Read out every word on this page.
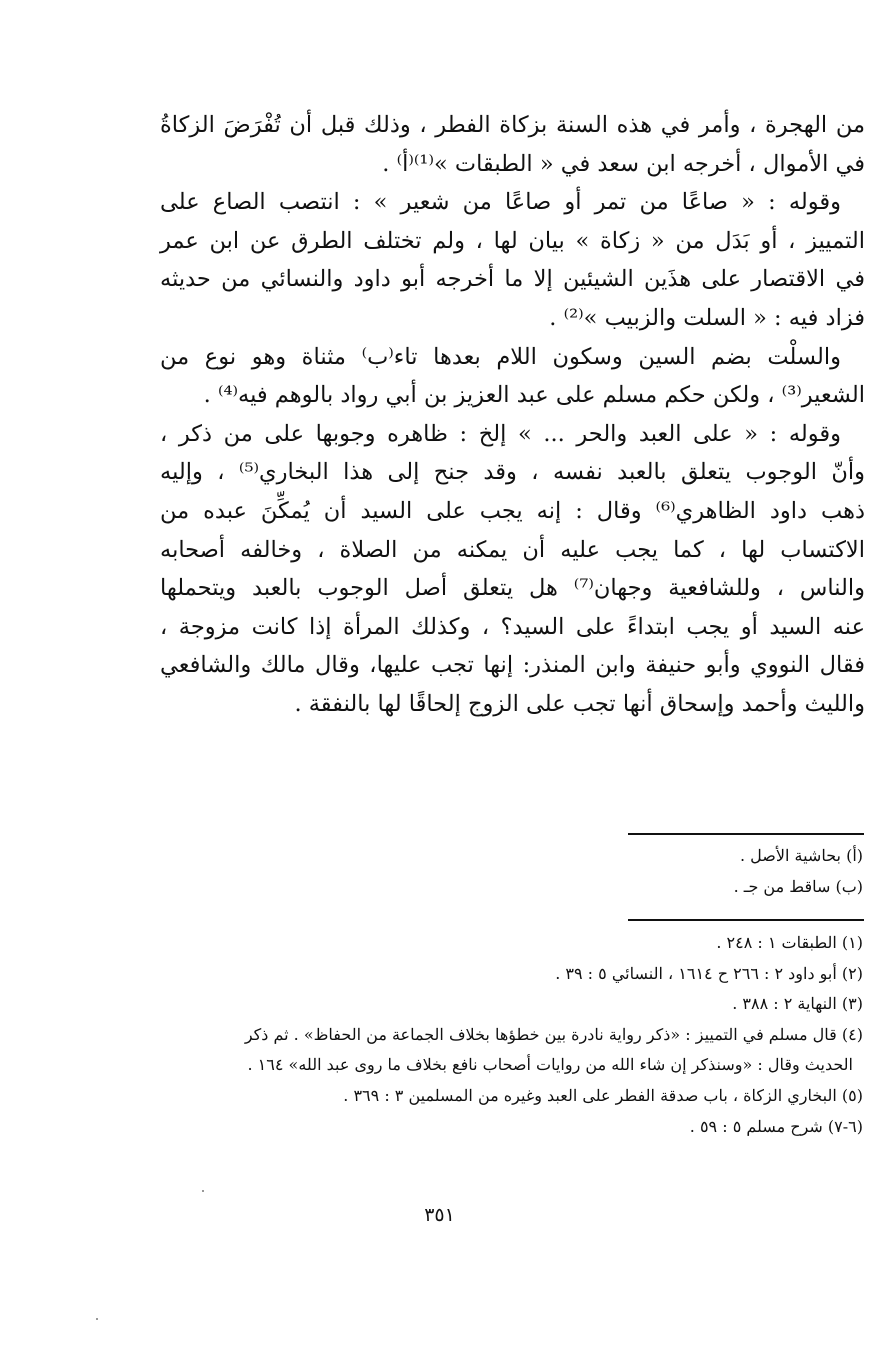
من الهجرة ، وأمر في هذه السنة بزكاة الفطر ، وذلك قبل أن تُفْرَضَ الزكاةُ
في الأموال ، أخرجه ابن سعد في « الطبقات »⁽¹⁾⁽أ⁾ .
وقوله : « صاعًا من تمر أو صاعًا من شعير » : انتصب الصاع على
التمييز ، أو بَدَل من « زكاة » بيان لها ، ولم تختلف الطرق عن ابن عمر
في الاقتصار على هذَين الشيئين إلا ما أخرجه أبو داود والنسائي من حديثه
فزاد فيه : « السلت والزبيب »⁽²⁾ .
والسلْت بضم السين وسكون اللام بعدها تاء⁽ب⁾ مثناة وهو نوع من
الشعير⁽³⁾ ، ولكن حكم مسلم على عبد العزيز بن أبي رواد بالوهم فيه⁽⁴⁾ .
وقوله : « على العبد والحر ... » إلخ : ظاهره وجوبها على من ذكر ،
وأنّ الوجوب يتعلق بالعبد نفسه ، وقد جنح إلى هذا البخاري⁽⁵⁾ ، وإليه
ذهب داود الظاهري⁽⁶⁾ وقال : إنه يجب على السيد أن يُمكِّنَ عبده من
الاكتساب لها ، كما يجب عليه أن يمكنه من الصلاة ، وخالفه أصحابه
والناس ، وللشافعية وجهان⁽⁷⁾ هل يتعلق أصل الوجوب بالعبد ويتحملها
عنه السيد أو يجب ابتداءً على السيد؟ ، وكذلك المرأة إذا كانت مزوجة ،
فقال النووي وأبو حنيفة وابن المنذر: إنها تجب عليها، وقال مالك والشافعي
والليث وأحمد وإسحاق أنها تجب على الزوج إلحاقًا لها بالنفقة .
(أ) بحاشية الأصل .
(ب) ساقط من جـ .
(١) الطبقات ١ : ٢٤٨ .
(٢) أبو داود ٢ : ٢٦٦ ح ١٦١٤ ، النسائي ٥ : ٣٩ .
(٣) النهاية ٢ : ٣٨٨ .
(٤) قال مسلم في التمييز : «ذكر رواية نادرة بين خطؤها بخلاف الجماعة من الحفاظ» . ثم ذكر
الحديث وقال : «وسنذكر إن شاء الله من روايات أصحاب نافع بخلاف ما روى عبد الله» ١٦٤ .
(٥) البخاري الزكاة ، باب صدقة الفطر على العبد وغيره من المسلمين ٣ : ٣٦٩ .
(٦-٧) شرح مسلم ٥ : ٥٩ .
٣٥١
